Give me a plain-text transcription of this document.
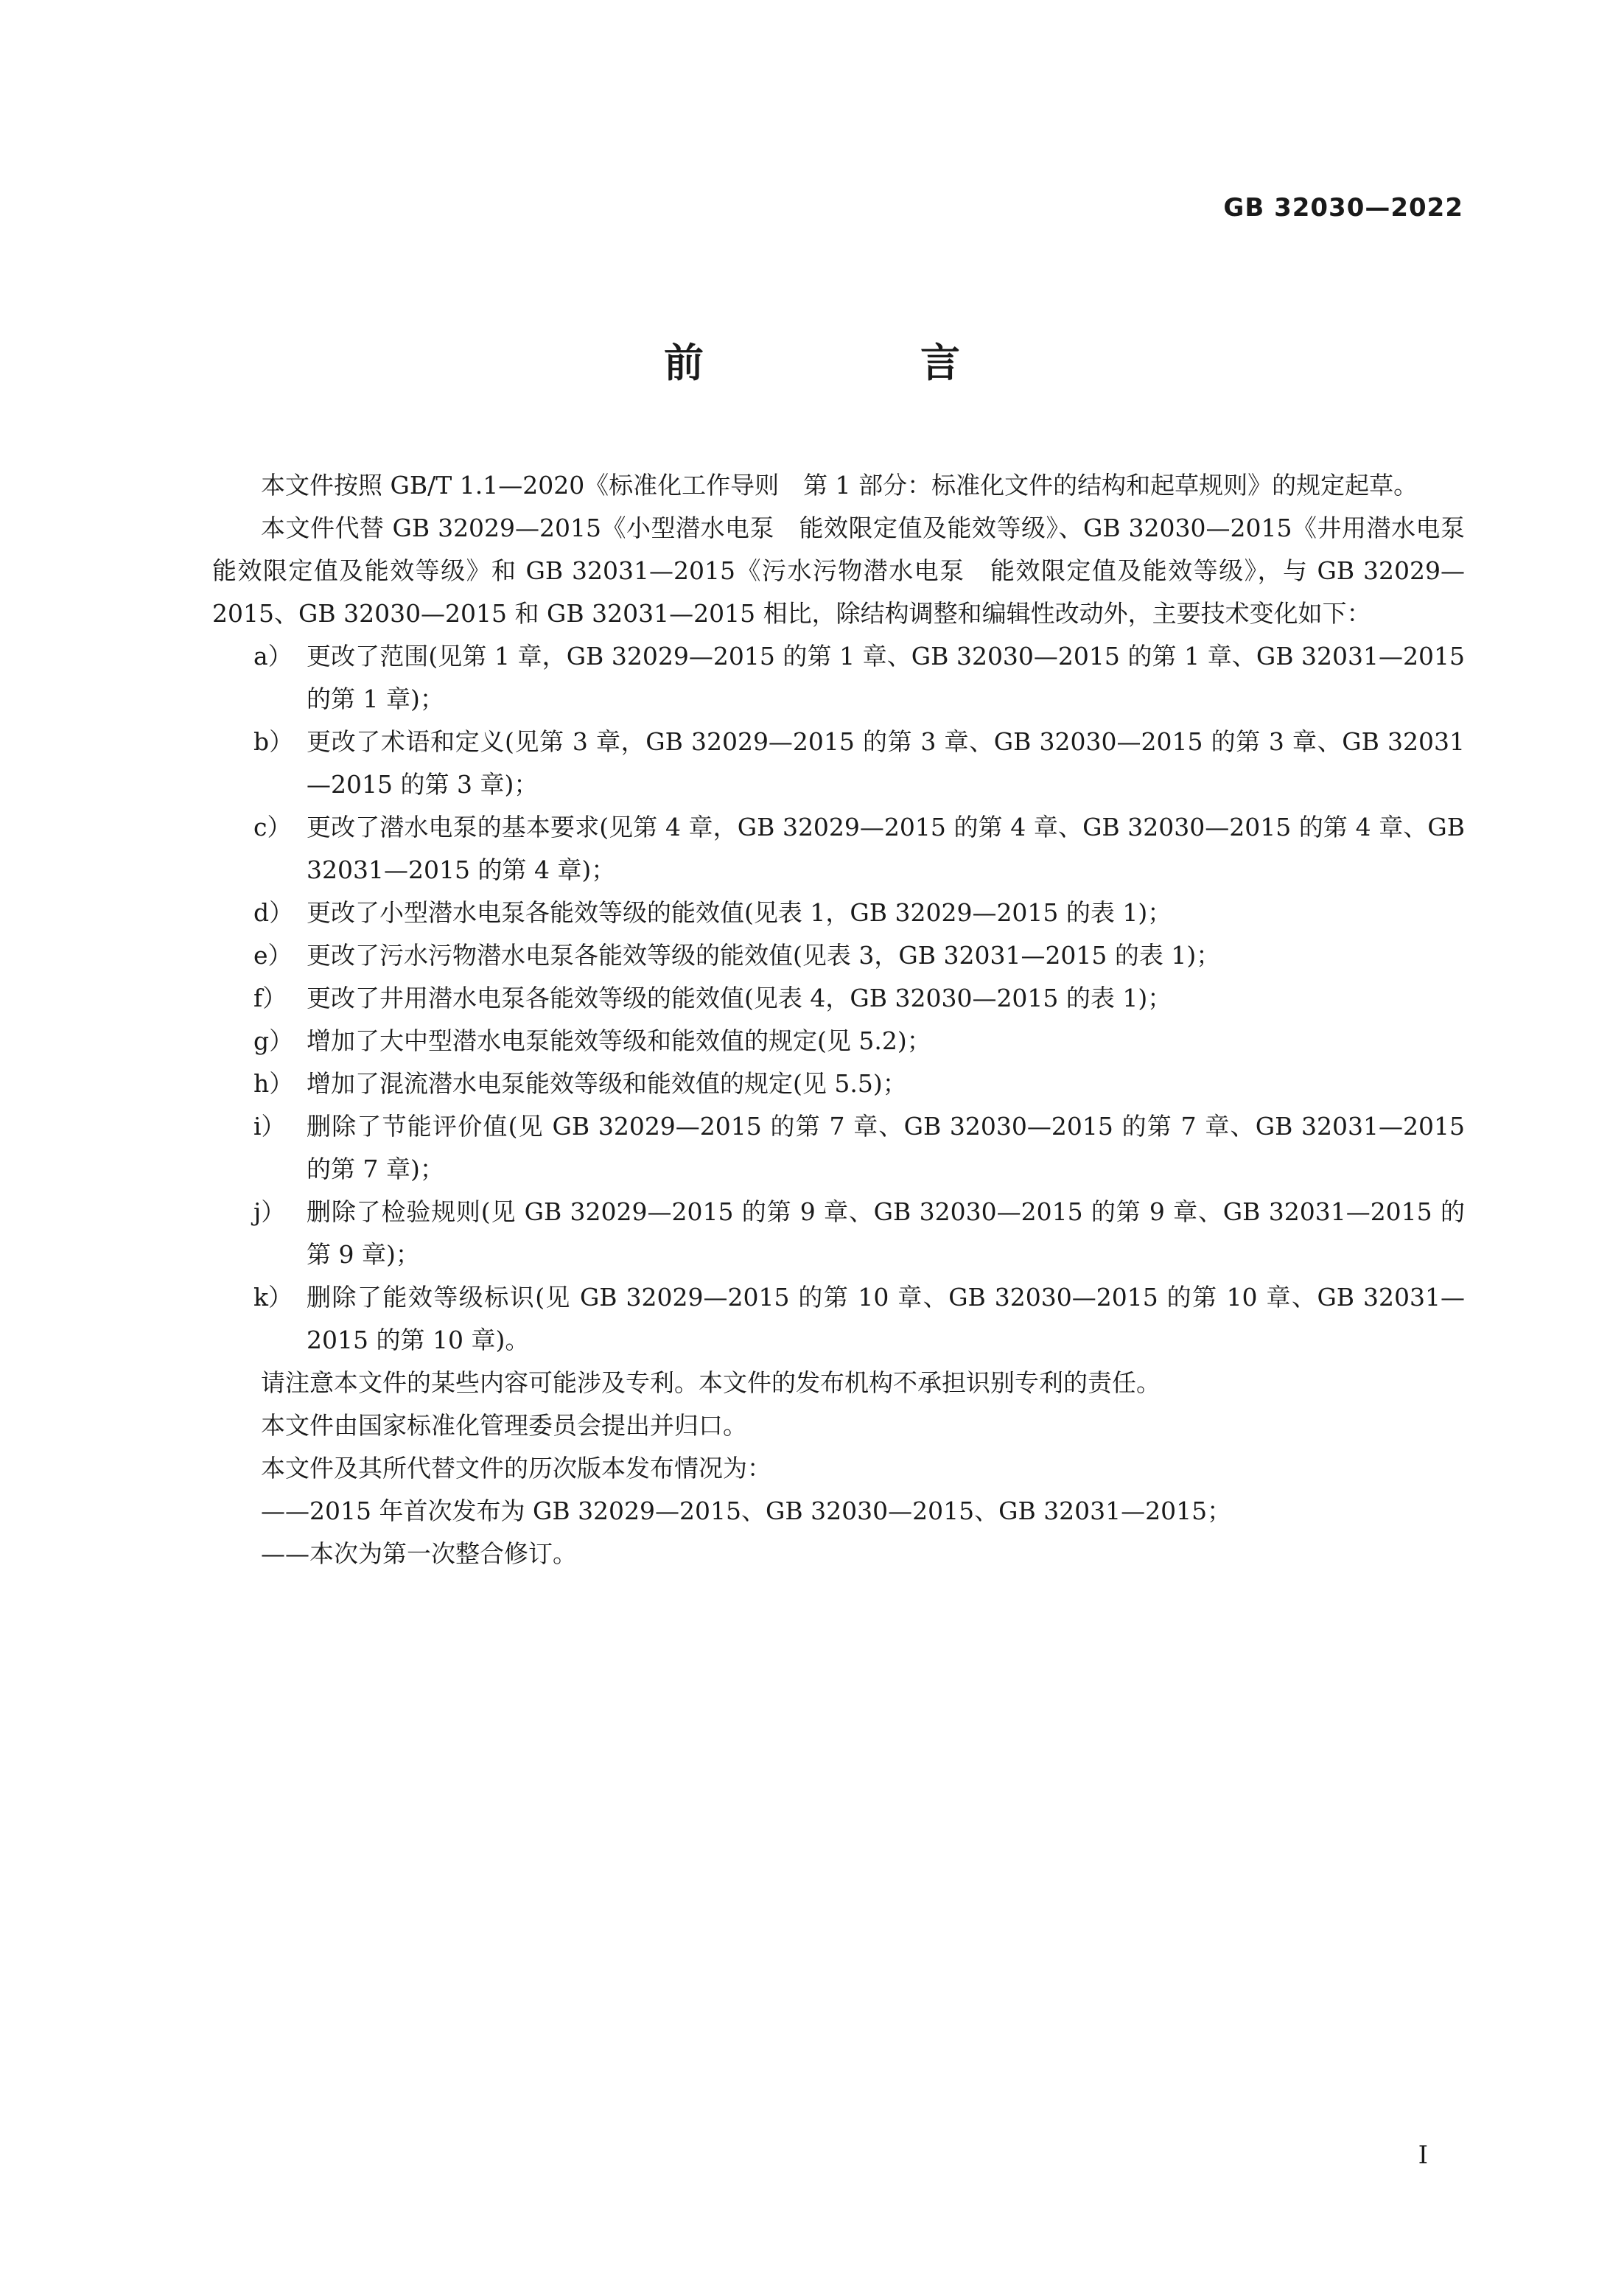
GB 32030—2022
前　言

本文件按照 GB/T 1.1—2020《标准化工作导则　第 1 部分：标准化文件的结构和起草规则》的规定起草。

本文件代替 GB 32029—2015《小型潜水电泵　能效限定值及能效等级》、GB 32030—2015《井用潜水电泵　能效限定值及能效等级》和 GB 32031—2015《污水污物潜水电泵　能效限定值及能效等级》，与 GB 32029—2015、GB 32030—2015 和 GB 32031—2015 相比，除结构调整和编辑性改动外，主要技术变化如下：

a） 更改了范围(见第 1 章，GB 32029—2015 的第 1 章、GB 32030—2015 的第 1 章、GB 32031—2015 的第 1 章)；
b） 更改了术语和定义(见第 3 章，GB 32029—2015 的第 3 章、GB 32030—2015 的第 3 章、GB 32031—2015 的第 3 章)；
c） 更改了潜水电泵的基本要求(见第 4 章，GB 32029—2015 的第 4 章、GB 32030—2015 的第 4 章、GB 32031—2015 的第 4 章)；
d） 更改了小型潜水电泵各能效等级的能效值(见表 1，GB 32029—2015 的表 1)；
e） 更改了污水污物潜水电泵各能效等级的能效值(见表 3，GB 32031—2015 的表 1)；
f） 更改了井用潜水电泵各能效等级的能效值(见表 4，GB 32030—2015 的表 1)；
g） 增加了大中型潜水电泵能效等级和能效值的规定(见 5.2)；
h） 增加了混流潜水电泵能效等级和能效值的规定(见 5.5)；
i） 删除了节能评价值(见 GB 32029—2015 的第 7 章、GB 32030—2015 的第 7 章、GB 32031—2015 的第 7 章)；
j） 删除了检验规则(见 GB 32029—2015 的第 9 章、GB 32030—2015 的第 9 章、GB 32031—2015 的第 9 章)；
k） 删除了能效等级标识(见 GB 32029—2015 的第 10 章、GB 32030—2015 的第 10 章、GB 32031—2015 的第 10 章)。

请注意本文件的某些内容可能涉及专利。本文件的发布机构不承担识别专利的责任。

本文件由国家标准化管理委员会提出并归口。

本文件及其所代替文件的历次版本发布情况为：

——2015 年首次发布为 GB 32029—2015、GB 32030—2015、GB 32031—2015；

——本次为第一次整合修订。

I
